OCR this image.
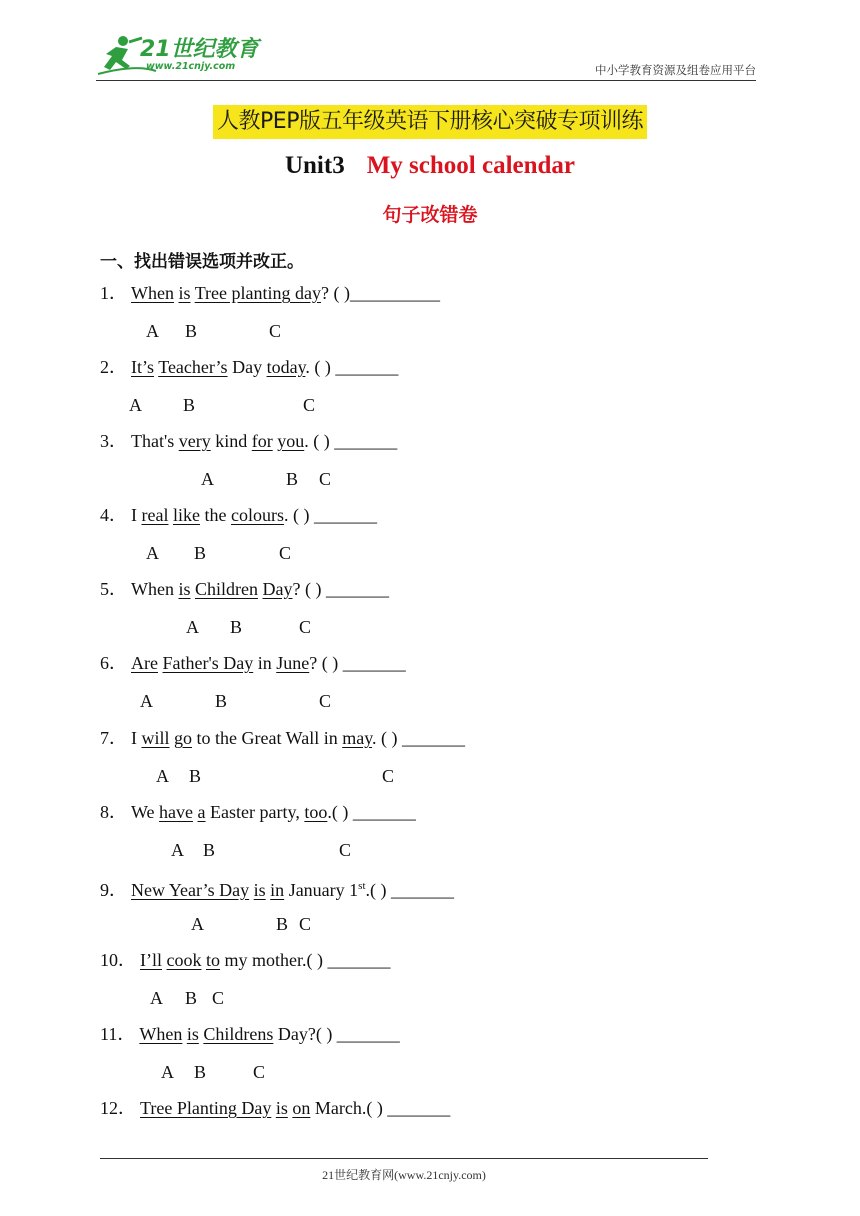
21世纪教育
www.21cnjy.com	中小学教育资源及组卷应用平台
人教PEP版五年级英语下册核心突破专项训练
Unit3 My school calendar
句子改错卷
一、找出错误选项并改正。
1． When is Tree planting day? ( )__________
A B	C
2． It’s Teacher’s Day today. ( ) _______
A B	C
3． That's very kind for you. ( ) _______
A	B C
4． I real like the colours. ( ) _______
A B	C
5． When is Children Day? ( ) _______
A B	C
6． Are Father's Day in June? ( ) _______
A	B	C
7． I will go to the Great Wall in may. ( ) _______
A B	C
8． We have a Easter party, too.( ) _______
A B	C
9． New Year’s Day is in January 1st.( ) _______
A	B C
10． I’ll cook to my mother.( ) _______
A B C
11． When is Childrens Day?( ) _______
A B	C
12． Tree Planting Day is on March.( ) _______
21世纪教育网(www.21cnjy.com)
